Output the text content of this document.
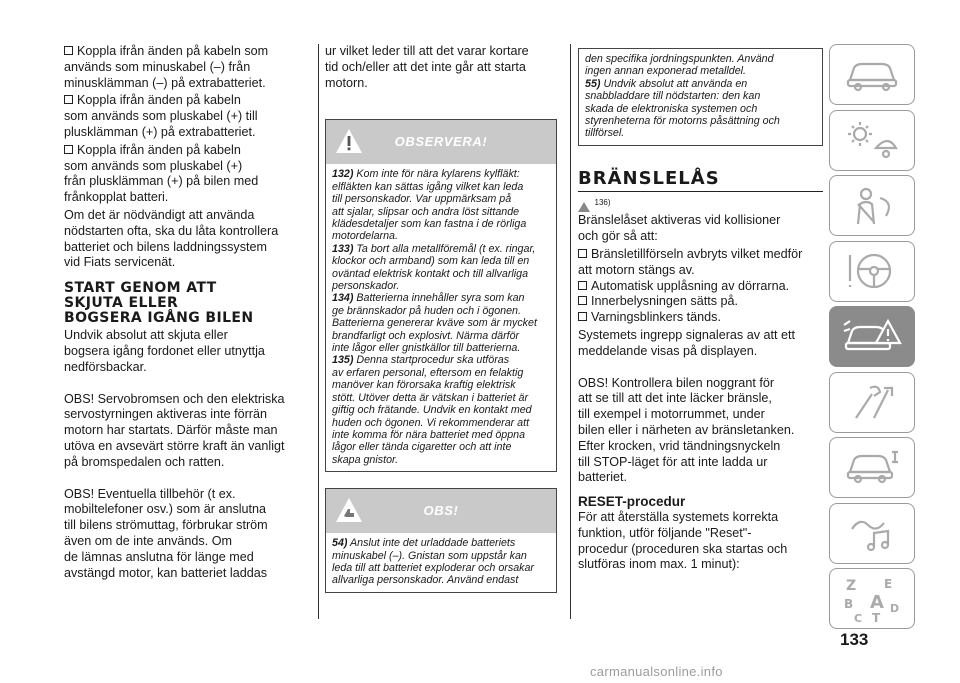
Koppla ifrån änden på kabeln som
används som minuskabel (–) från
minusklämman (–) på extrabatteriet.
Koppla ifrån änden på kabeln
som används som pluskabel (+) till
plusklämman (+) på extrabatteriet.
Koppla ifrån änden på kabeln
som används som pluskabel (+)
från plusklämman (+) på bilen med
frånkopplat batteri.
Om det är nödvändigt att använda
nödstarten ofta, ska du låta kontrollera
batteriet och bilens laddningssystem
vid Fiats servicenät.
START GENOM ATT
SKJUTA ELLER
BOGSERA IGÅNG BILEN
Undvik absolut att skjuta eller
bogsera igång fordonet eller utnyttja
nedförsbackar.
OBS! Servobromsen och den elektriska
servostyrningen aktiveras inte förrän
motorn har startats. Därför måste man
utöva en avsevärt större kraft än vanligt
på bromspedalen och ratten.
OBS! Eventuella tillbehör (t ex.
mobiltelefoner osv.) som är anslutna
till bilens strömuttag, förbrukar ström
även om de inte används. Om
de lämnas anslutna för länge med
avstängd motor, kan batteriet laddas
ur vilket leder till att det varar kortare
tid och/eller att det inte går att starta
motorn.
OBSERVERA!

132) Kom inte för nära kylarens kylfläkt:
elfläkten kan sättas igång vilket kan leda
till personskador. Var uppmärksam på
att sjalar, slipsar och andra löst sittande
klädesdetaljer som kan fastna i de rörliga
motordelarna.

133) Ta bort alla metallföremål (t ex. ringar,
klockor och armband) som kan leda till en
oväntad elektrisk kontakt och till allvarliga
personskador.

134) Batterierna innehåller syra som kan
ge brännskador på huden och i ögonen.
Batterierna genererar kväve som är mycket
brandfarligt och explosivt. Närma därför
inte lågor eller gnistkällor till batterierna.

135) Denna startprocedur ska utföras
av erfaren personal, eftersom en felaktig
manöver kan förorsaka kraftig elektrisk
stött. Utöver detta är vätskan i batteriet är
giftig och frätande. Undvik en kontakt med
huden och ögonen. Vi rekommenderar att
inte komma för nära batteriet med öppna
lågor eller tända cigaretter och att inte
skapa gnistor.

OBS!

54) Anslut inte det urladdade batteriets
minuskabel (–). Gnistan som uppstår kan
leda till att batteriet exploderar och orsakar
allvarliga personskador. Använd endast

den specifika jordningspunkten. Använd
ingen annan exponerad metalldel.

55) Undvik absolut att använda en
snabbladdare till nödstarten: den kan
skada de elektroniska systemen och
styrenheterna för motorns påsättning och
tillförsel.

BRÄNSLELÅS
136)
Bränslelåset aktiveras vid kollisioner
och gör så att:
Bränsletillförseln avbryts vilket medför
att motorn stängs av.
Automatisk upplåsning av dörrarna.
Innerbelysningen sätts på.
Varningsblinkers tänds.
Systemets ingrepp signaleras av att ett
meddelande visas på displayen.
OBS! Kontrollera bilen noggrant för
att se till att det inte läcker bränsle,
till exempel i motorrummet, under
bilen eller i närheten av bränsletanken.
Efter krocken, vrid tändningsnyckeln
till STOP-läget för att inte ladda ur
batteriet.
RESET-procedur
För att återställa systemets korrekta
funktion, utför följande "Reset"-
procedur (proceduren ska startas och
slutföras inom max. 1 minut):
Z E
B A
C T
D
133
carmanualsonline.info
